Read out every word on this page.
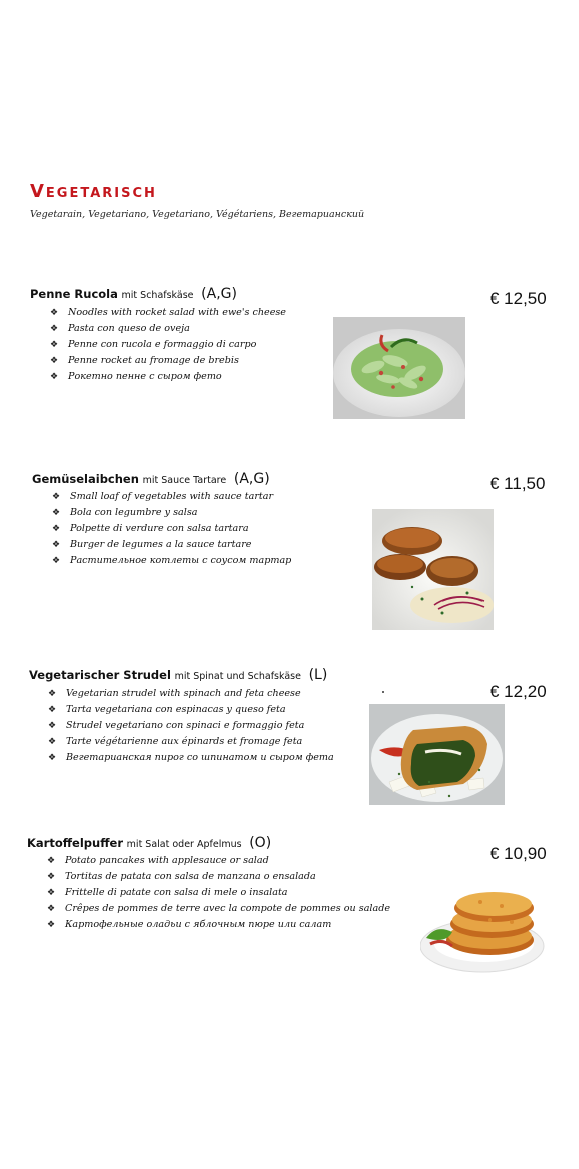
Vegetarisch

Vegetarain, Vegetariano, Vegetariano, Végétariens, Вегетарианский

Penne Rucola mit Schafskäse (A,G)	€ 12,50
❖ Noodles with rocket salad with ewe's cheese
❖ Pasta con queso de oveja
❖ Penne con rucola e formaggio di carpo
❖ Penne rocket au fromage de brebis
❖ Рокетно пенне с сыром фето
Gemüselaibchen mit Sauce Tartare (A,G)	€ 11,50
❖ Small loaf of vegetables with sauce tartar
❖ Bola con legumbre y salsa
❖ Polpette di verdure con salsa tartara
❖ Burger de legumes a la sauce tartare
❖ Растительное котлеты с соусом тартар
Vegetarischer Strudel mit Spinat und Schafskäse (L)
€ 12,20
❖ Vegetarian strudel with spinach and feta cheese
❖ Tarta vegetariana con espinacas y queso feta
❖ Strudel vegetariano con spinaci e formaggio feta
❖ Tarte végétarienne aux épinards et fromage feta
❖ Вегетарианская пирог со шпинатом и сыром фета
Kartoffelpuffer mit Salat oder Apfelmus (O)
€ 10,90
❖ Potato pancakes with applesauce or salad
❖ Tortitas de patata con salsa de manzana o ensalada
❖ Frittelle di patate con salsa di mele o insalata
❖ Crêpes de pommes de terre avec la compote de pommes ou salade
❖ Картофельные оладьи с яблочным пюре или салат
